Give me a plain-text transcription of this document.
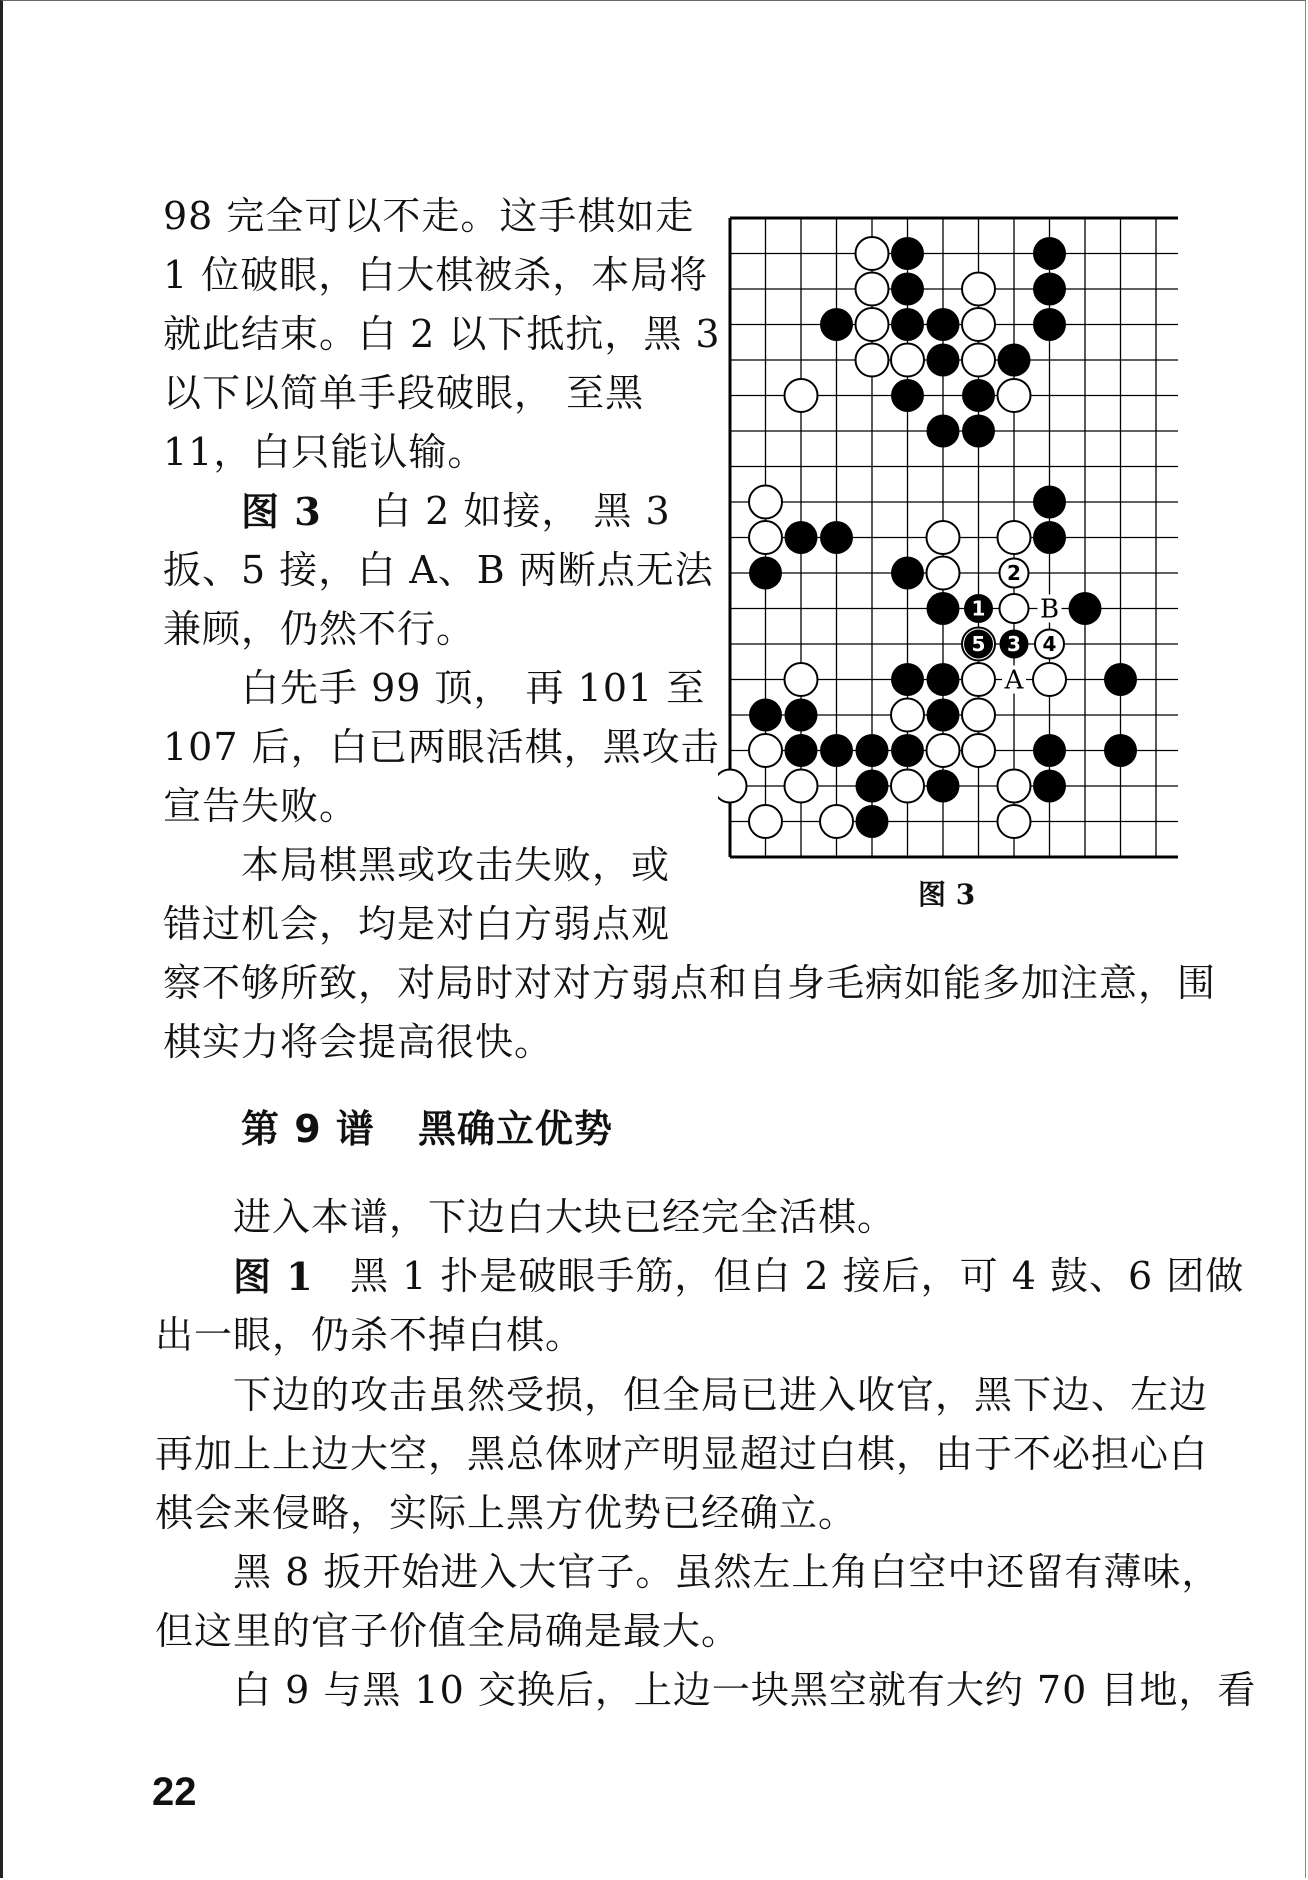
98 完全可以不走。这手棋如走
1 位破眼，白大棋被杀，本局将
就此结束。白 2 以下抵抗，黑 3
以下以简单手段破眼， 至黑
11，白只能认输。
图 3 白 2 如接， 黑 3
扳、5 接，白 A、B 两断点无法
兼顾，仍然不行。
白先手 99 顶， 再 101 至
107 后，白已两眼活棋，黑攻击
宣告失败。
本局棋黑或攻击失败，或
错过机会，均是对白方弱点观
察不够所致，对局时对对方弱点和自身毛病如能多加注意，围
棋实力将会提高很快。
第 9 谱 黑确立优势
进入本谱，下边白大块已经完全活棋。
图 1 黑 1 扑是破眼手筋，但白 2 接后，可 4 鼓、6 团做
出一眼，仍杀不掉白棋。
下边的攻击虽然受损，但全局已进入收官，黑下边、左边
再加上上边大空，黑总体财产明显超过白棋，由于不必担心白
棋会来侵略，实际上黑方优势已经确立。
黑 8 扳开始进入大官子。虽然左上角白空中还留有薄味，
但这里的官子价值全局确是最大。
白 9 与黑 10 交换后，上边一块黑空就有大约 70 目地，看
2
1
3
5	4
B
A
图 3
22
